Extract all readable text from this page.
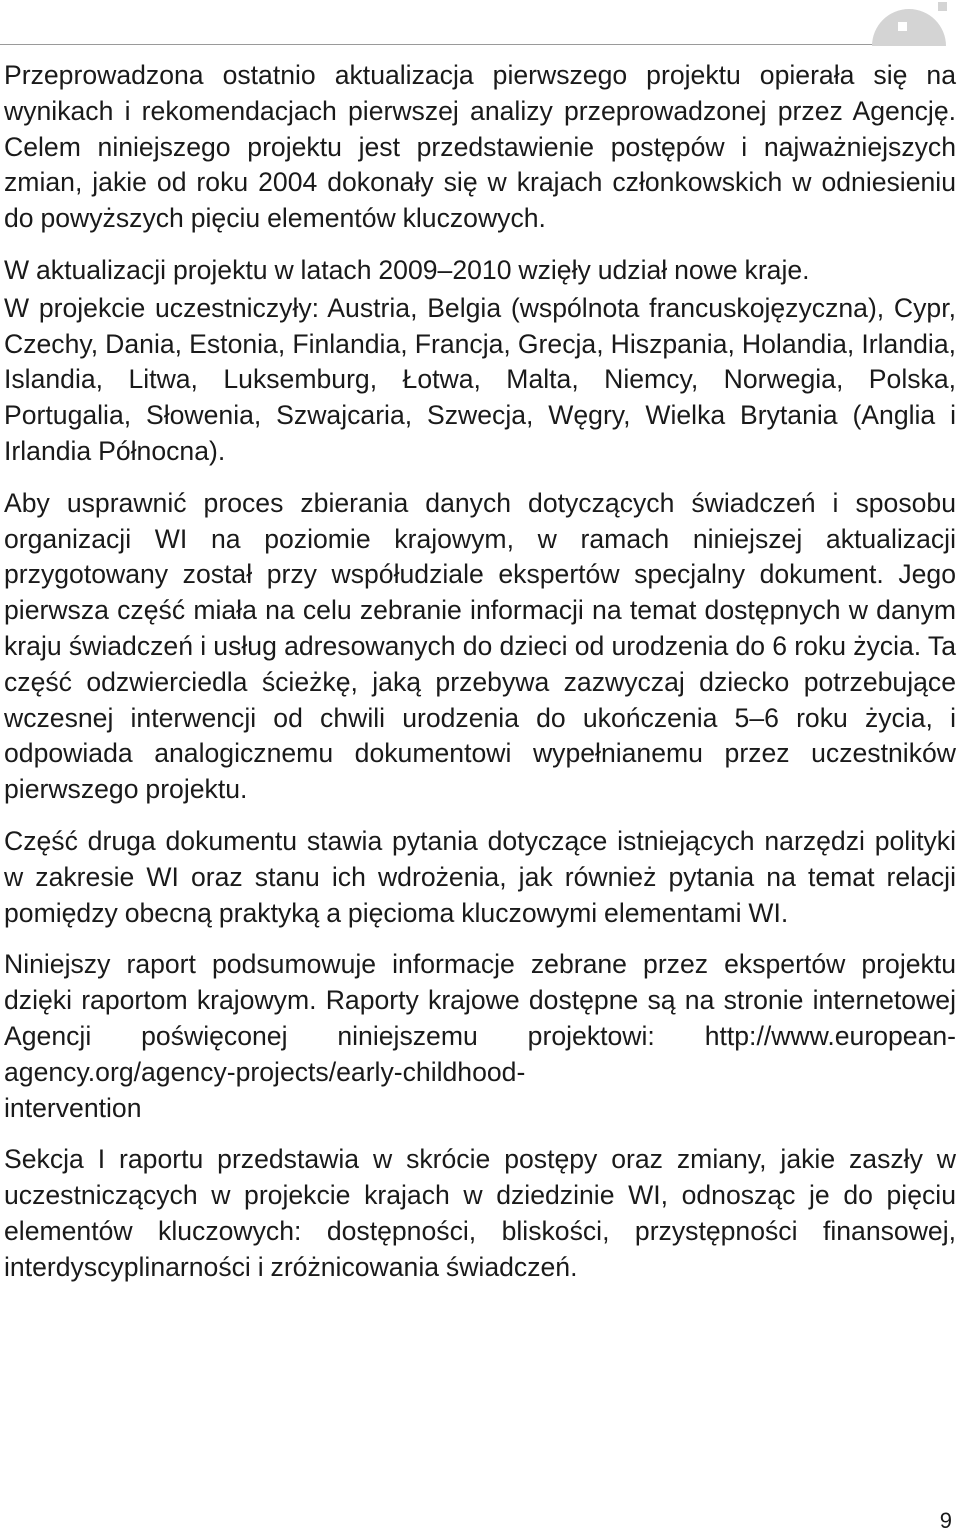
Przeprowadzona ostatnio aktualizacja pierwszego projektu opierała się na wynikach i rekomendacjach pierwszej analizy przeprowadzonej przez Agencję. Celem niniejszego projektu jest przedstawienie postępów i najważniejszych zmian, jakie od roku 2004 dokonały się w krajach członkowskich w odniesieniu do powyższych pięciu elementów kluczowych.

W aktualizacji projektu w latach 2009–2010 wzięły udział nowe kraje.

W projekcie uczestniczyły: Austria, Belgia (wspólnota francuskojęzyczna), Cypr, Czechy, Dania, Estonia, Finlandia, Francja, Grecja, Hiszpania, Holandia, Irlandia, Islandia, Litwa, Luksemburg, Łotwa, Malta, Niemcy, Norwegia, Polska, Portugalia, Słowenia, Szwajcaria, Szwecja, Węgry, Wielka Brytania (Anglia i Irlandia Północna).

Aby usprawnić proces zbierania danych dotyczących świadczeń i sposobu organizacji WI na poziomie krajowym, w ramach niniejszej aktualizacji przygotowany został przy współudziale ekspertów specjalny dokument. Jego pierwsza część miała na celu zebranie informacji na temat dostępnych w danym kraju świadczeń i usług adresowanych do dzieci od urodzenia do 6 roku życia. Ta część odzwierciedla ścieżkę, jaką przebywa zazwyczaj dziecko potrzebujące wczesnej interwencji od chwili urodzenia do ukończenia 5–6 roku życia, i odpowiada analogicznemu dokumentowi wypełnianemu przez uczestników pierwszego projektu.

Część druga dokumentu stawia pytania dotyczące istniejących narzędzi polityki w zakresie WI oraz stanu ich wdrożenia, jak również pytania na temat relacji pomiędzy obecną praktyką a pięcioma kluczowymi elementami WI.

Niniejszy raport podsumowuje informacje zebrane przez ekspertów projektu dzięki raportom krajowym. Raporty krajowe dostępne są na stronie internetowej Agencji poświęconej niniejszemu projektowi: http://www.european-agency.org/agency-projects/early-childhood-
intervention

Sekcja I raportu przedstawia w skrócie postępy oraz zmiany, jakie zaszły w uczestniczących w projekcie krajach w dziedzinie WI, odnosząc je do pięciu elementów kluczowych: dostępności, bliskości, przystępności finansowej, interdyscyplinarności i zróżnicowania świadczeń.

9
